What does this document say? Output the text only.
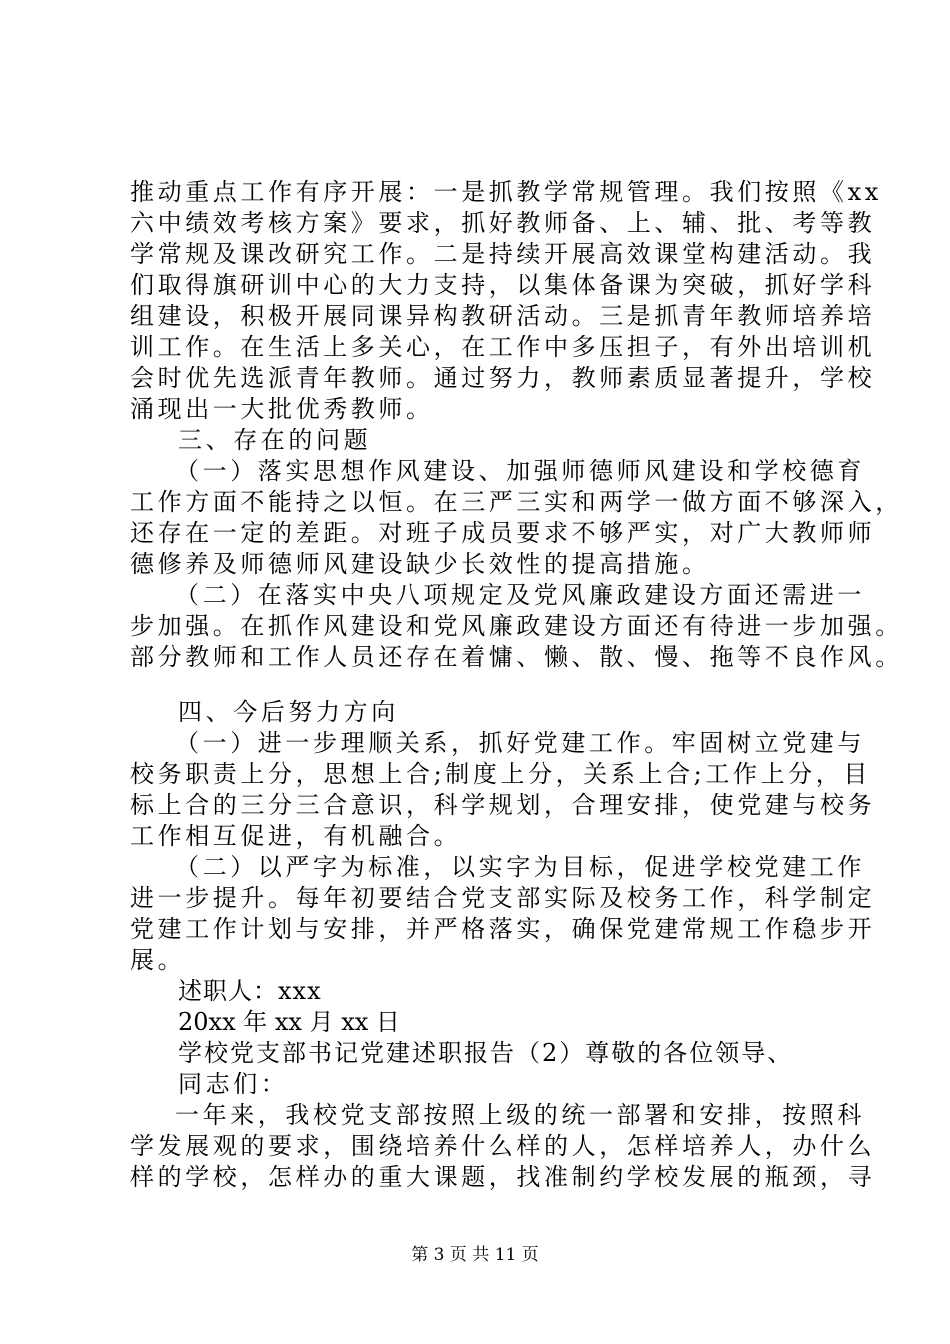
推动重点工作有序开展：一是抓教学常规管理。我们按照《xx
六中绩效考核方案》要求，抓好教师备、上、辅、批、考等教
学常规及课改研究工作。二是持续开展高效课堂构建活动。我
们取得旗研训中心的大力支持，以集体备课为突破，抓好学科
组建设，积极开展同课异构教研活动。三是抓青年教师培养培
训工作。在生活上多关心，在工作中多压担子，有外出培训机
会时优先选派青年教师。通过努力，教师素质显著提升，学校
涌现出一大批优秀教师。
三、存在的问题
（一）落实思想作风建设、加强师德师风建设和学校德育
工作方面不能持之以恒。在三严三实和两学一做方面不够深入，
还存在一定的差距。对班子成员要求不够严实，对广大教师师
德修养及师德师风建设缺少长效性的提高措施。
（二）在落实中央八项规定及党风廉政建设方面还需进一
步加强。在抓作风建设和党风廉政建设方面还有待进一步加强。
部分教师和工作人员还存在着慵、懒、散、慢、拖等不良作风。
四、今后努力方向
（一）进一步理顺关系，抓好党建工作。牢固树立党建与
校务职责上分，思想上合;制度上分，关系上合;工作上分，目
标上合的三分三合意识，科学规划，合理安排，使党建与校务
工作相互促进，有机融合。
（二）以严字为标准，以实字为目标，促进学校党建工作
进一步提升。每年初要结合党支部实际及校务工作，科学制定
党建工作计划与安排，并严格落实，确保党建常规工作稳步开
展。
述职人：xxx
20xx 年 xx 月 xx 日
学校党支部书记党建述职报告（2）尊敬的各位领导、
同志们：
一年来，我校党支部按照上级的统一部署和安排，按照科
学发展观的要求，围绕培养什么样的人，怎样培养人，办什么
样的学校，怎样办的重大课题，找准制约学校发展的瓶颈，寻
第 3 页 共 11 页
